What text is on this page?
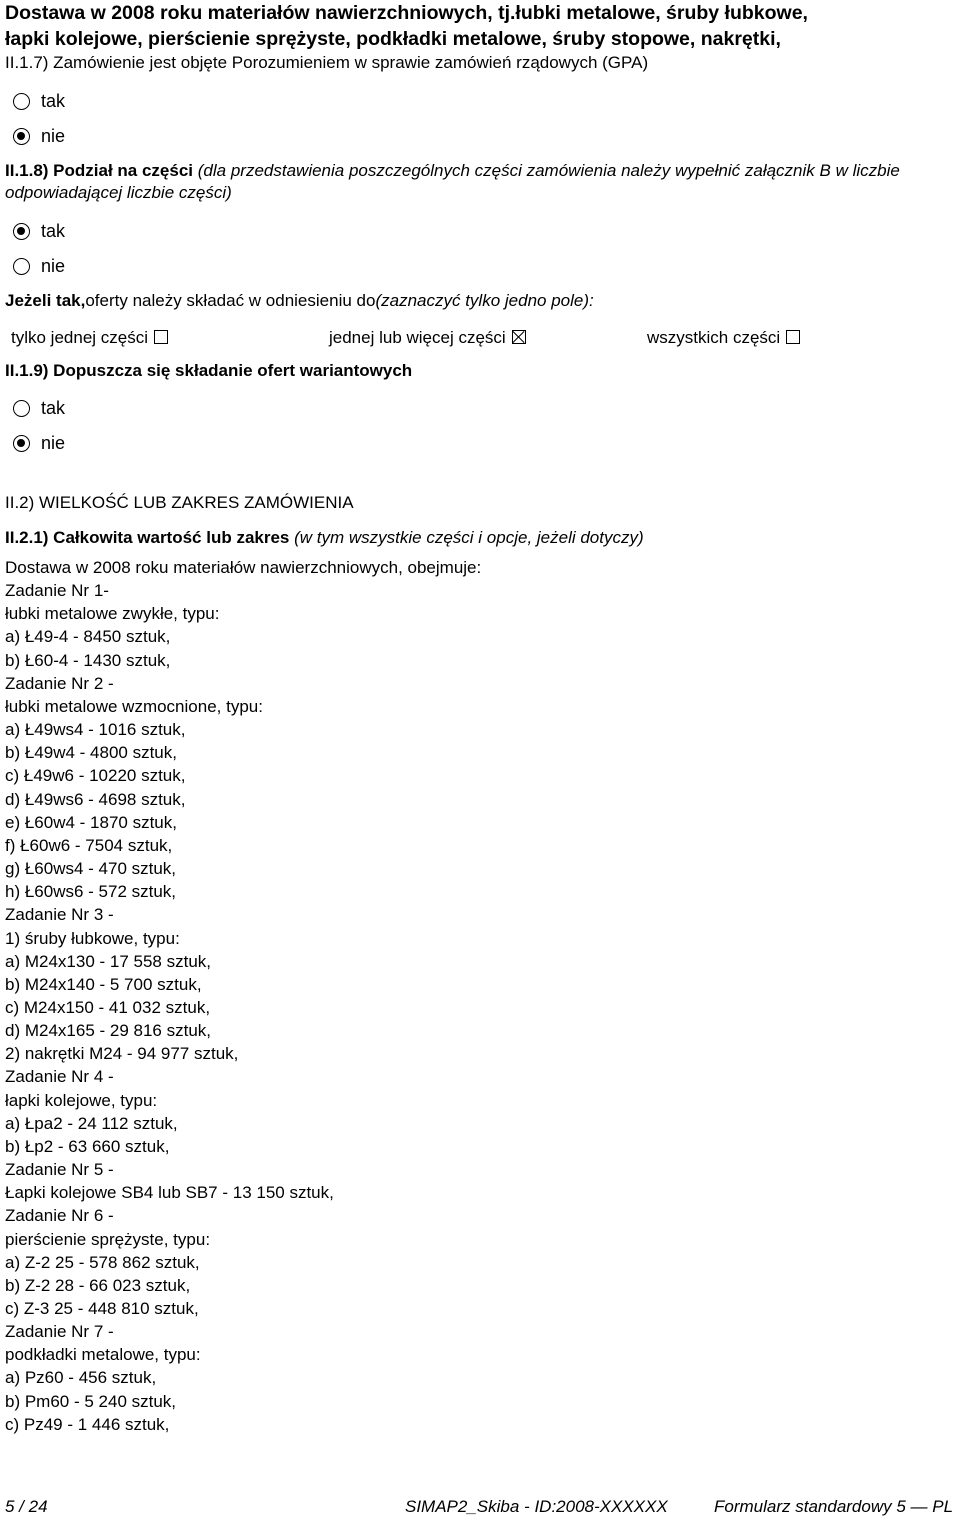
Dostawa w 2008 roku materiałów nawierzchniowych, tj.łubki metalowe, śruby łubkowe,
łapki kolejowe, pierścienie sprężyste, podkładki metalowe, śruby stopowe, nakrętki,
II.1.7) Zamówienie jest objęte Porozumieniem w sprawie zamówień rządowych (GPA)
tak
nie
II.1.8) Podział na części (dla przedstawienia poszczególnych części zamówienia należy wypełnić załącznik B w liczbie odpowiadającej liczbie części)
tak
nie
Jeżeli tak,oferty należy składać w odniesieniu do(zaznaczyć tylko jedno pole):
tylko jednej części	jednej lub więcej części	wszystkich części
II.1.9) Dopuszcza się składanie ofert wariantowych
tak
nie
II.2) WIELKOŚĆ LUB ZAKRES ZAMÓWIENIA
II.2.1) Całkowita wartość lub zakres (w tym wszystkie części i opcje, jeżeli dotyczy)
Dostawa w 2008 roku materiałów nawierzchniowych, obejmuje:
Zadanie Nr 1-
łubki metalowe zwykłe, typu:
a) Ł49-4 - 8450 sztuk,
b) Ł60-4 - 1430 sztuk,
Zadanie Nr 2 -
łubki metalowe wzmocnione, typu:
a) Ł49ws4 - 1016 sztuk,
b) Ł49w4 - 4800 sztuk,
c) Ł49w6 - 10220 sztuk,
d) Ł49ws6 - 4698 sztuk,
e) Ł60w4 - 1870 sztuk,
f) Ł60w6 - 7504 sztuk,
g) Ł60ws4 - 470 sztuk,
h) Ł60ws6 - 572 sztuk,
Zadanie Nr 3 -
1) śruby łubkowe, typu:
a) M24x130 - 17 558 sztuk,
b) M24x140 - 5 700 sztuk,
c) M24x150 - 41 032 sztuk,
d) M24x165 - 29 816 sztuk,
2) nakrętki M24 - 94 977 sztuk,
Zadanie Nr 4 -
łapki kolejowe, typu:
a) Łpa2 - 24 112 sztuk,
b) Łp2 - 63 660 sztuk,
Zadanie Nr 5 -
Łapki kolejowe SB4 lub SB7 - 13 150 sztuk,
Zadanie Nr 6 -
pierścienie sprężyste, typu:
a) Z-2 25 - 578 862 sztuk,
b) Z-2 28 - 66 023 sztuk,
c) Z-3 25 - 448 810 sztuk,
Zadanie Nr 7 -
podkładki metalowe, typu:
a) Pz60 - 456 sztuk,
b) Pm60 - 5 240 sztuk,
c) Pz49 - 1 446 sztuk,
5 / 24	SIMAP2_Skiba - ID:2008-XXXXXX	Formularz standardowy 5 — PL
